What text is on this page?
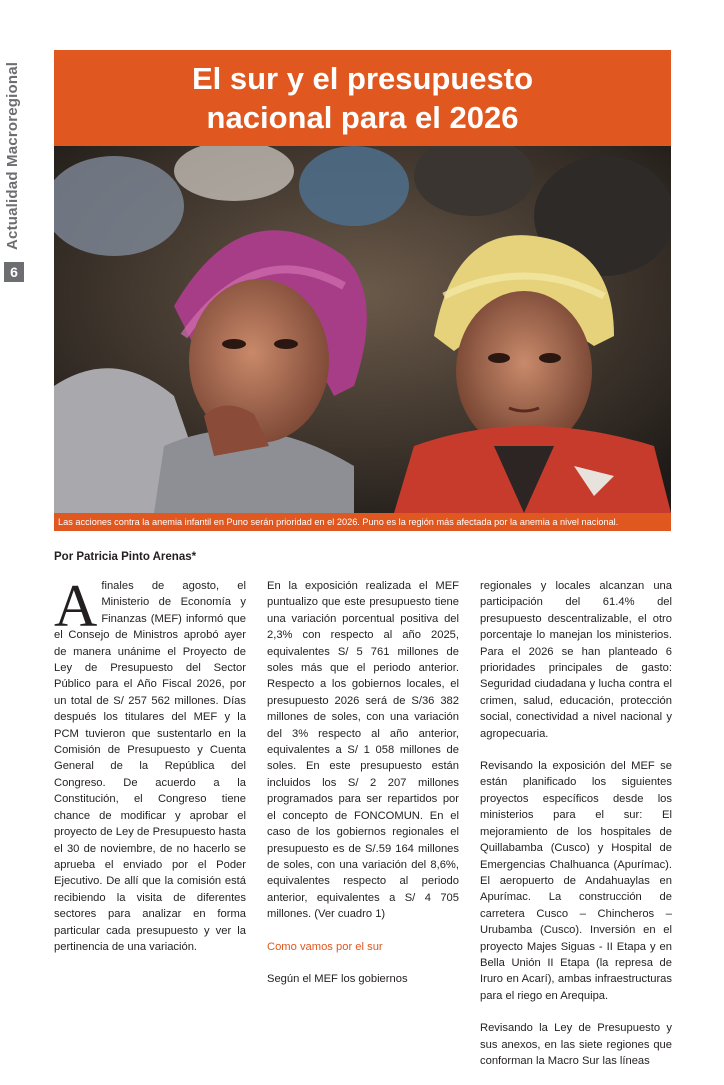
Actualidad Macroregional
6
El sur y el presupuesto nacional para el 2026
Las acciones contra la anemia infantil en Puno serán prioridad en el 2026. Puno es la región más afectada por la anemia a nivel nacional.
Por Patricia Pinto Arenas*

Afinales de agosto, el Ministerio de Economía y Finanzas (MEF) informó que el Consejo de Ministros aprobó ayer de manera unánime el Proyecto de Ley de Presupuesto del Sector Público para el Año Fiscal 2026, por un total de S/ 257 562 millones. Días después los titulares del MEF y la PCM tuvieron que sustentarlo en la Comisión de Presupuesto y Cuenta General de la República del Congreso. De acuerdo a la Constitución, el Congreso tiene chance de modificar y aprobar el proyecto de Ley de Presupuesto hasta el 30 de noviembre, de no hacerlo se aprueba el enviado por el Poder Ejecutivo. De allí que la comisión está recibiendo la visita de diferentes sectores para analizar en forma particular cada presupuesto y ver la pertinencia de una variación.

En la exposición realizada el MEF puntualizo que este presupuesto tiene una variación porcentual positiva del 2,3% con respecto al año 2025, equivalentes S/ 5 761 millones de soles más que el periodo anterior. Respecto a los gobiernos locales, el presupuesto 2026 será de S/36 382 millones de soles, con una variación del 3% respecto al año anterior, equivalentes a S/ 1 058 millones de soles. En este presupuesto están incluidos los S/ 2 207 millones programados para ser repartidos por el concepto de FONCOMUN. En el caso de los gobiernos regionales el presupuesto es de S/.59 164 millones de soles, con una variación del 8,6%, equivalentes respecto al periodo anterior, equivalentes a S/ 4 705 millones. (Ver cuadro 1)

Como vamos por el sur

Según el MEF los gobiernos

regionales y locales alcanzan una participación del 61.4% del presupuesto descentralizable, el otro porcentaje lo manejan los ministerios. Para el 2026 se han planteado 6 prioridades principales de gasto: Seguridad ciudadana y lucha contra el crimen, salud, educación, protección social, conectividad a nivel nacional y agropecuaria.

Revisando la exposición del MEF se están planificado los siguientes proyectos específicos desde los ministerios para el sur: El mejoramiento de los hospitales de Quillabamba (Cusco) y Hospital de Emergencias Chalhuanca (Apurímac). El aeropuerto de Andahuaylas en Apurímac. La construcción de carretera Cusco – Chincheros – Urubamba (Cusco). Inversión en el proyecto Majes Siguas - II Etapa y en Bella Unión II Etapa (la represa de Iruro en Acarí), ambas infraestructuras para el riego en Arequipa.

Revisando la Ley de Presupuesto y sus anexos, en las siete regiones que conforman la Macro Sur las líneas
